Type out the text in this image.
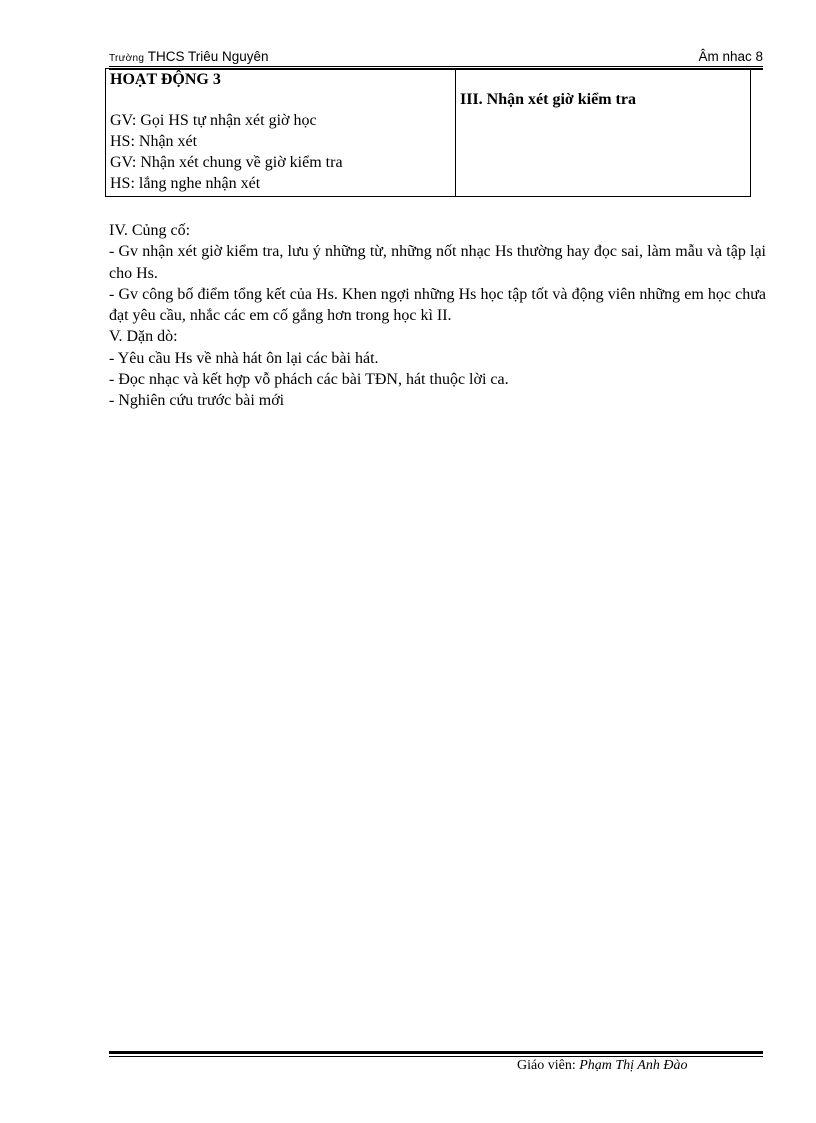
Trường THCS Triêu Nguyên	Âm nhac 8
HOẠT ĐỘNG 3
GV: Gọi HS tự nhận xét giờ học
HS: Nhận xét
GV: Nhận xét chung về giờ kiểm tra
HS: lắng nghe nhận xét

III. Nhận xét giờ kiểm tra

IV. Củng cố:

- Gv nhận xét giờ kiểm tra, lưu ý những từ, những nốt nhạc Hs thường hay đọc sai, làm mẫu và tập lại cho Hs.

- Gv công bố điểm tổng kết của Hs. Khen ngợi những Hs học tập tốt và động viên những em học chưa đạt yêu cầu, nhắc các em cố gắng hơn trong học kì II.

V. Dặn dò:

- Yêu cầu Hs về nhà hát ôn lại các bài hát.

- Đọc nhạc và kết hợp vỗ phách các bài TĐN, hát thuộc lời ca.

- Nghiên cứu trước bài mới

Giáo viên: Phạm Thị Anh Đào
